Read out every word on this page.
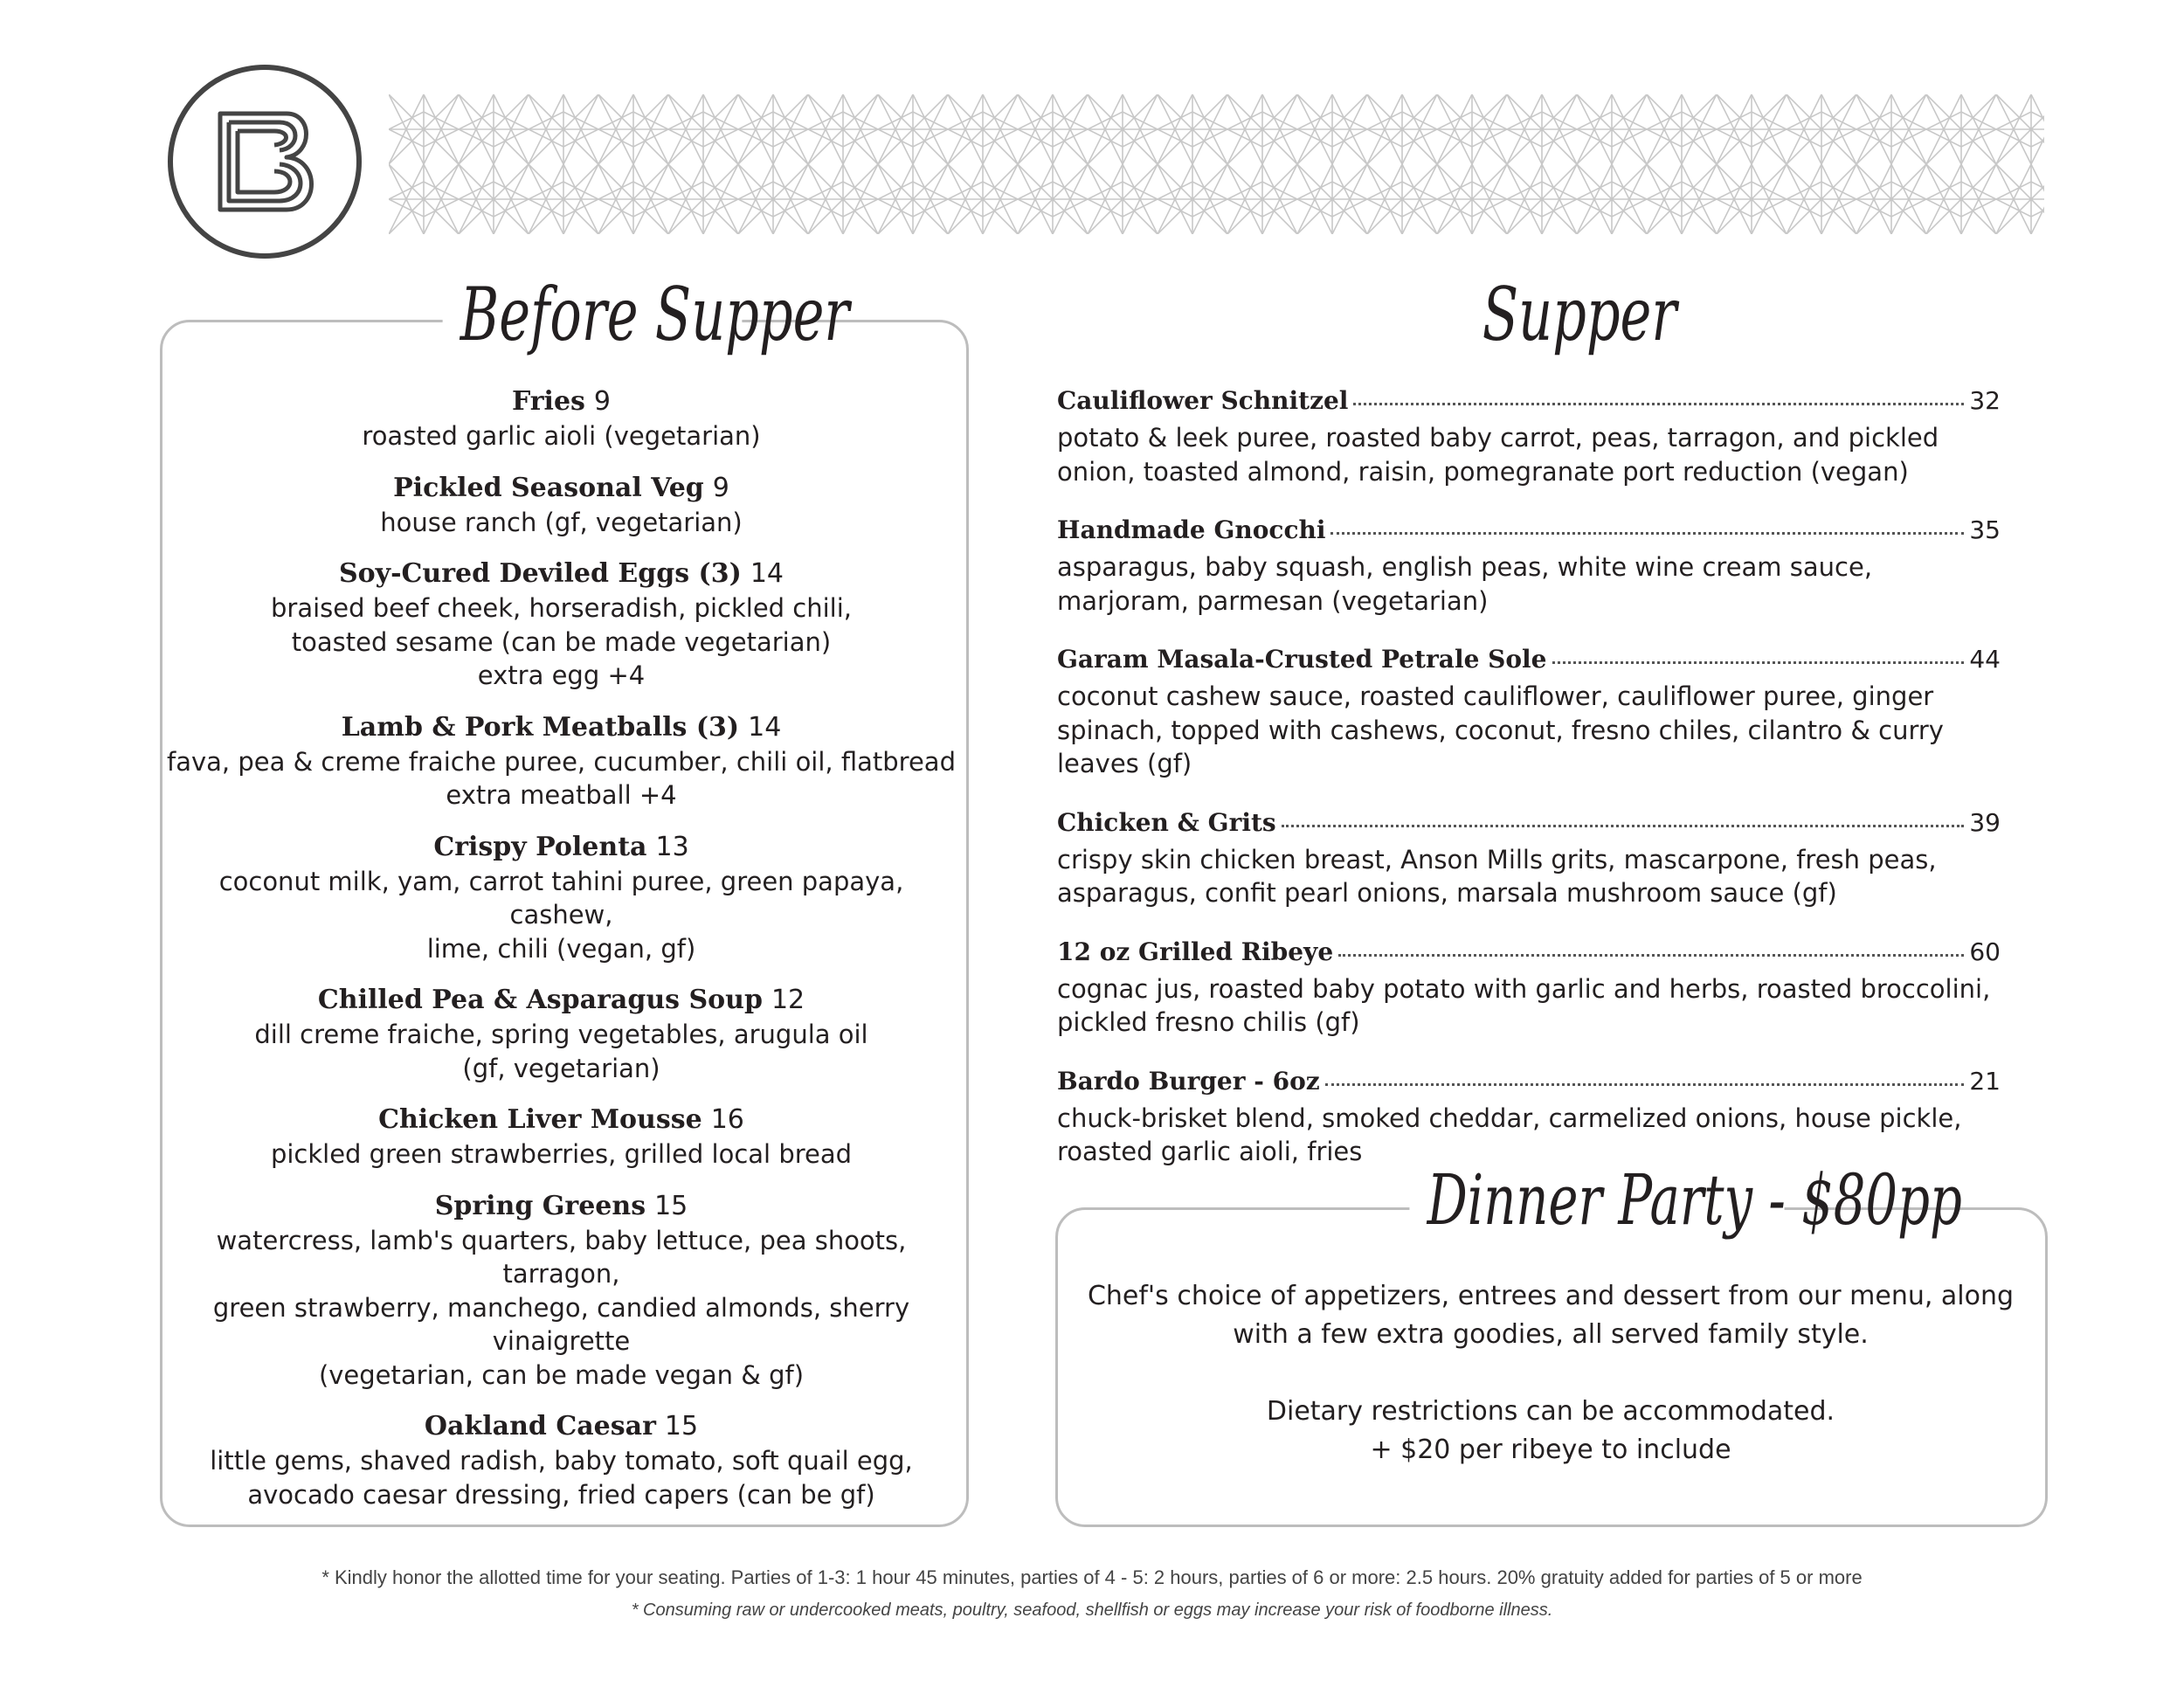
Before Supper
Fries 9
roasted garlic aioli (vegetarian)
Pickled Seasonal Veg 9
house ranch (gf, vegetarian)
Soy-Cured Deviled Eggs (3) 14
braised beef cheek, horseradish, pickled chili,
toasted sesame (can be made vegetarian)
extra egg +4
Lamb & Pork Meatballs (3) 14
fava, pea & creme fraiche puree, cucumber, chili oil, flatbread
extra meatball +4
Crispy Polenta 13
coconut milk, yam, carrot tahini puree, green papaya, cashew,
lime, chili (vegan, gf)
Chilled Pea & Asparagus Soup 12
dill creme fraiche, spring vegetables, arugula oil
(gf, vegetarian)
Chicken Liver Mousse 16
pickled green strawberries, grilled local bread
Spring Greens 15
watercress, lamb's quarters, baby lettuce, pea shoots, tarragon,
green strawberry, manchego, candied almonds, sherry vinaigrette
(vegetarian, can be made vegan & gf)
Oakland Caesar 15
little gems, shaved radish, baby tomato, soft quail egg,
avocado caesar dressing, fried capers (can be gf)
Supper
Cauliflower Schnitzel	32
potato & leek puree, roasted baby carrot, peas, tarragon, and pickled onion, toasted almond, raisin, pomegranate port reduction (vegan)
Handmade Gnocchi	35
asparagus, baby squash, english peas, white wine cream sauce, marjoram, parmesan (vegetarian)
Garam Masala-Crusted Petrale Sole	44
coconut cashew sauce, roasted cauliflower, cauliflower puree, ginger spinach, topped with cashews, coconut, fresno chiles, cilantro & curry leaves (gf)
Chicken & Grits	39
crispy skin chicken breast, Anson Mills grits, mascarpone, fresh peas, asparagus, confit pearl onions, marsala mushroom sauce (gf)
12 oz Grilled Ribeye	60
cognac jus, roasted baby potato with garlic and herbs, roasted broccolini, pickled fresno chilis (gf)
Bardo Burger - 6oz	21
chuck-brisket blend, smoked cheddar, carmelized onions, house pickle, roasted garlic aioli, fries
Dinner Party - $80pp

Chef's choice of appetizers, entrees and dessert from our menu, along
with a few extra goodies, all served family style.

Dietary restrictions can be accommodated.
+ $20 per ribeye to include

* Kindly honor the allotted time for your seating. Parties of 1-3: 1 hour 45 minutes, parties of 4 - 5: 2 hours, parties of 6 or more: 2.5 hours. 20% gratuity added for parties of 5 or more
* Consuming raw or undercooked meats, poultry, seafood, shellfish or eggs may increase your risk of foodborne illness.
